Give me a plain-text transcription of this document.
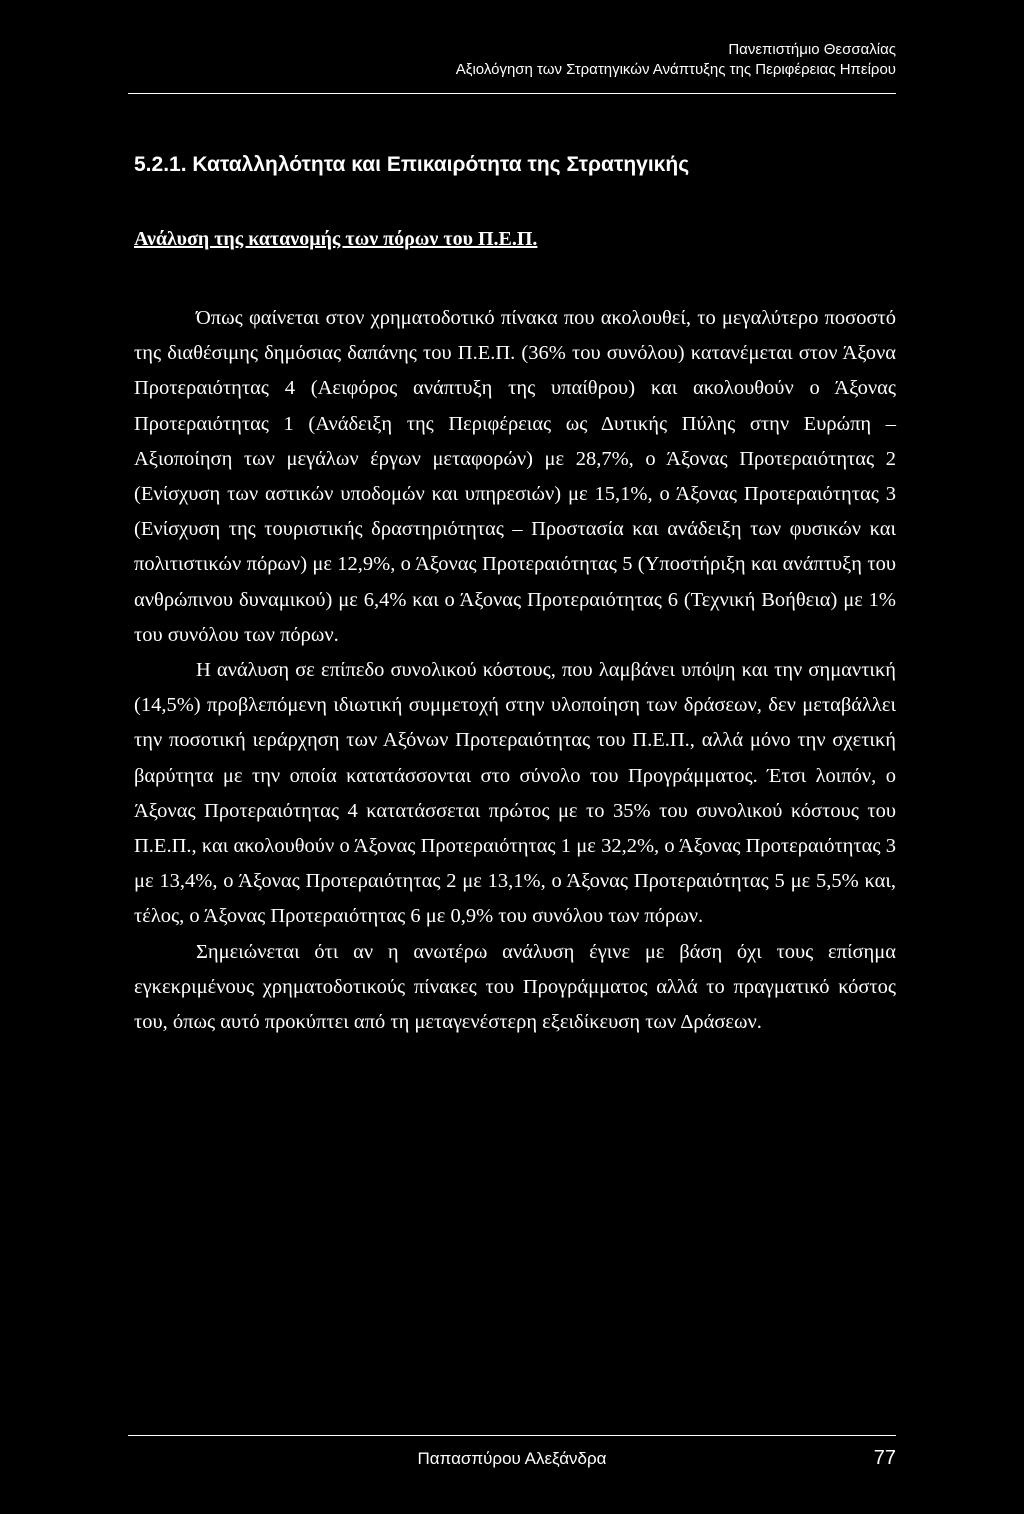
Πανεπιστήμιο Θεσσαλίας
Αξιολόγηση των Στρατηγικών Ανάπτυξης της Περιφέρειας Ηπείρου
5.2.1. Καταλληλότητα και Επικαιρότητα της Στρατηγικής
Ανάλυση της κατανομής των πόρων του Π.Ε.Π.

Όπως φαίνεται στον χρηματοδοτικό πίνακα που ακολουθεί, το μεγαλύτερο ποσοστό της διαθέσιμης δημόσιας δαπάνης του Π.Ε.Π. (36% του συνόλου) κατανέμεται στον Άξονα Προτεραιότητας 4 (Αειφόρος ανάπτυξη της υπαίθρου) και ακολουθούν ο Άξονας Προτεραιότητας 1 (Ανάδειξη της Περιφέρειας ως Δυτικής Πύλης στην Ευρώπη – Αξιοποίηση των μεγάλων έργων μεταφορών) με 28,7%, ο Άξονας Προτεραιότητας 2 (Ενίσχυση των αστικών υποδομών και υπηρεσιών) με 15,1%, ο Άξονας Προτεραιότητας 3 (Ενίσχυση της τουριστικής δραστηριότητας – Προστασία και ανάδειξη των φυσικών και πολιτιστικών πόρων) με 12,9%, ο Άξονας Προτεραιότητας 5 (Υποστήριξη και ανάπτυξη του ανθρώπινου δυναμικού) με 6,4% και ο Άξονας Προτεραιότητας 6 (Τεχνική Βοήθεια) με 1% του συνόλου των πόρων.

Η ανάλυση σε επίπεδο συνολικού κόστους, που λαμβάνει υπόψη και την σημαντική (14,5%) προβλεπόμενη ιδιωτική συμμετοχή στην υλοποίηση των δράσεων, δεν μεταβάλλει την ποσοτική ιεράρχηση των Αξόνων Προτεραιότητας του Π.Ε.Π., αλλά μόνο την σχετική βαρύτητα με την οποία κατατάσσονται στο σύνολο του Προγράμματος. Έτσι λοιπόν, ο Άξονας Προτεραιότητας 4 κατατάσσεται πρώτος με το 35% του συνολικού κόστους του Π.Ε.Π., και ακολουθούν ο Άξονας Προτεραιότητας 1 με 32,2%, ο Άξονας Προτεραιότητας 3 με 13,4%, ο Άξονας Προτεραιότητας 2 με 13,1%, ο Άξονας Προτεραιότητας 5 με 5,5% και, τέλος, ο Άξονας Προτεραιότητας 6 με 0,9% του συνόλου των πόρων.

Σημειώνεται ότι αν η ανωτέρω ανάλυση έγινε με βάση όχι τους επίσημα εγκεκριμένους χρηματοδοτικούς πίνακες του Προγράμματος αλλά το πραγματικό κόστος του, όπως αυτό προκύπτει από τη μεταγενέστερη εξειδίκευση των Δράσεων.

Παπασπύρου Αλεξάνδρα	77
